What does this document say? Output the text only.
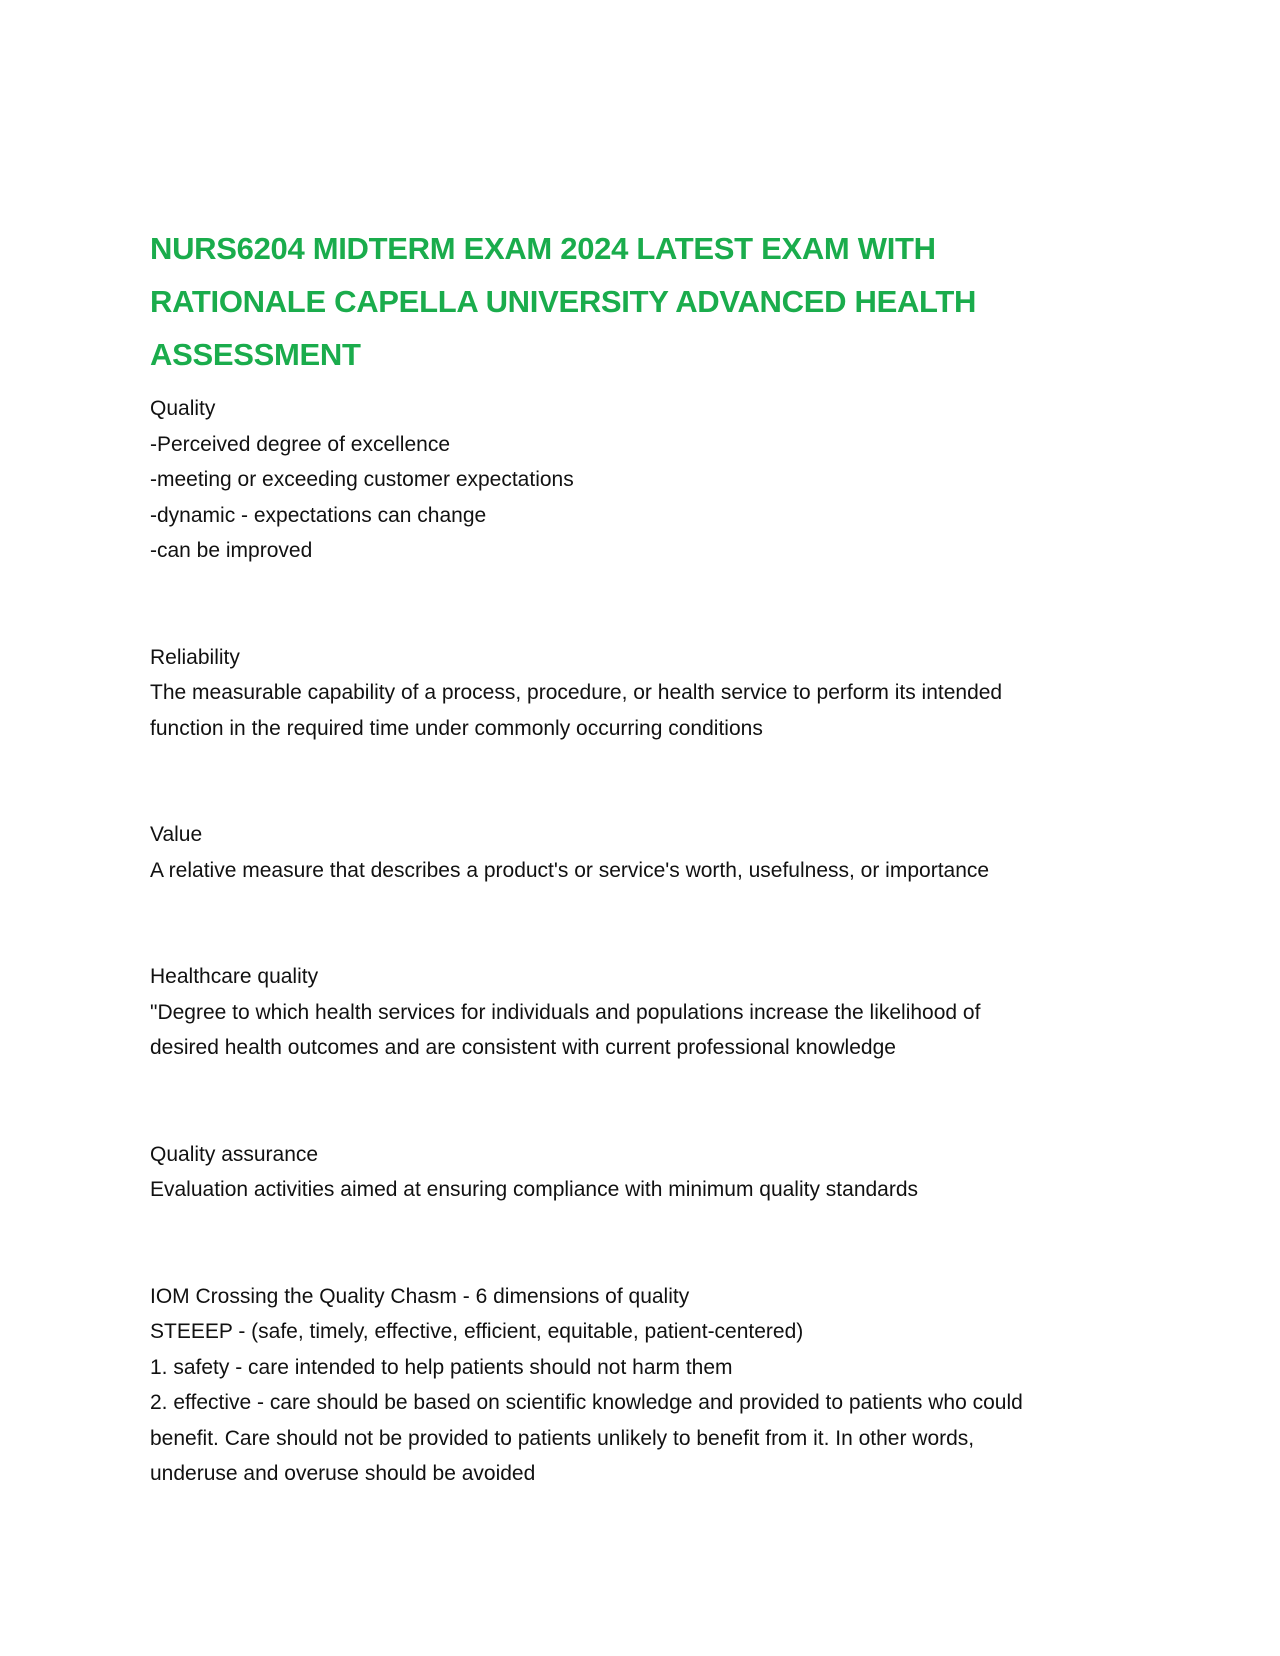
NURS6204 MIDTERM EXAM 2024 LATEST EXAM WITH
RATIONALE CAPELLA UNIVERSITY ADVANCED HEALTH
ASSESSMENT
Quality
-Perceived degree of excellence
-meeting or exceeding customer expectations
-dynamic - expectations can change
-can be improved
Reliability
The measurable capability of a process, procedure, or health service to perform its intended
function in the required time under commonly occurring conditions
Value
A relative measure that describes a product's or service's worth, usefulness, or importance
Healthcare quality
"Degree to which health services for individuals and populations increase the likelihood of
desired health outcomes and are consistent with current professional knowledge
Quality assurance
Evaluation activities aimed at ensuring compliance with minimum quality standards
IOM Crossing the Quality Chasm - 6 dimensions of quality
STEEEP - (safe, timely, effective, efficient, equitable, patient-centered)
1. safety - care intended to help patients should not harm them
2. effective - care should be based on scientific knowledge and provided to patients who could
benefit. Care should not be provided to patients unlikely to benefit from it. In other words,
underuse and overuse should be avoided
